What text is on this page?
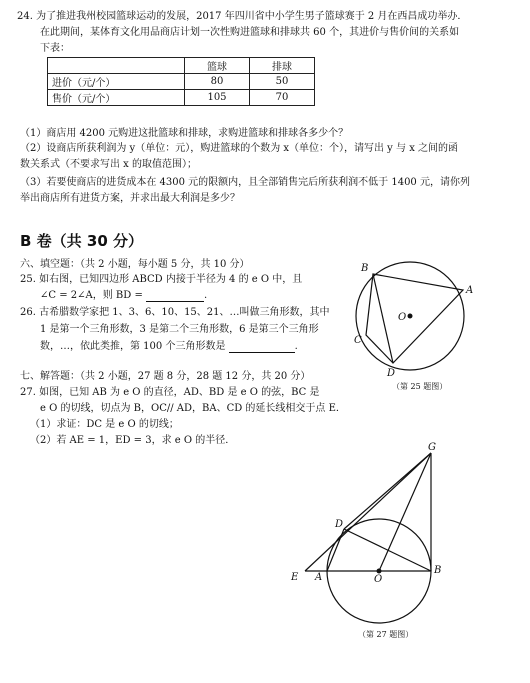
24. 为了推进我州校园篮球运动的发展，2017 年四川省中小学生男子篮球赛于 2 月在西昌成功举办．
在此期间，某体育文化用品商店计划一次性购进篮球和排球共 60 个，其进价与售价间的关系如
下表：
	篮球	排球
进价（元/个）	80	50
售价（元/个）	105	70
（1）商店用 4200 元购进这批篮球和排球，求购进篮球和排球各多少个？
（2）设商店所获利润为 y（单位：元），购进篮球的个数为 x（单位：个），请写出 y 与 x 之间的函
数关系式（不要求写出 x 的取值范围）；
（3）若要使商店的进货成本在 4300 元的限额内，且全部销售完后所获利润不低于 1400 元，请你列
举出商店所有进货方案，并求出最大利润是多少？
B 卷（共 30 分）
六、填空题：（共 2 小题，每小题 5 分，共 10 分）
25. 如右图，已知四边形 ABCD 内接于半径为 4 的 e O 中，且
∠C = 2∠A，则 BD =	.
26. 古希腊数学家把 1、3、6、10、15、21、…叫做三角形数，其中
1 是第一个三角形数，3 是第二个三角形数，6 是第三个三角形
数，…，依此类推，第 100 个三角形数是	.
七、解答题：（共 2 小题，27 题 8 分，28 题 12 分，共 20 分）
27. 如图，已知 AB 为 e O 的直径，AD、BD 是 e O 的弦，BC 是
e O 的切线，切点为 B，OC// AD，BA、CD 的延长线相交于点 E．
（1）求证：DC 是 e O 的切线；
（2）若 AE = 1，ED = 3，求 e O 的半径．
B
A
O
C
D
（第 25 题图）
G
D
E A	O
B
（第 27 题图）
